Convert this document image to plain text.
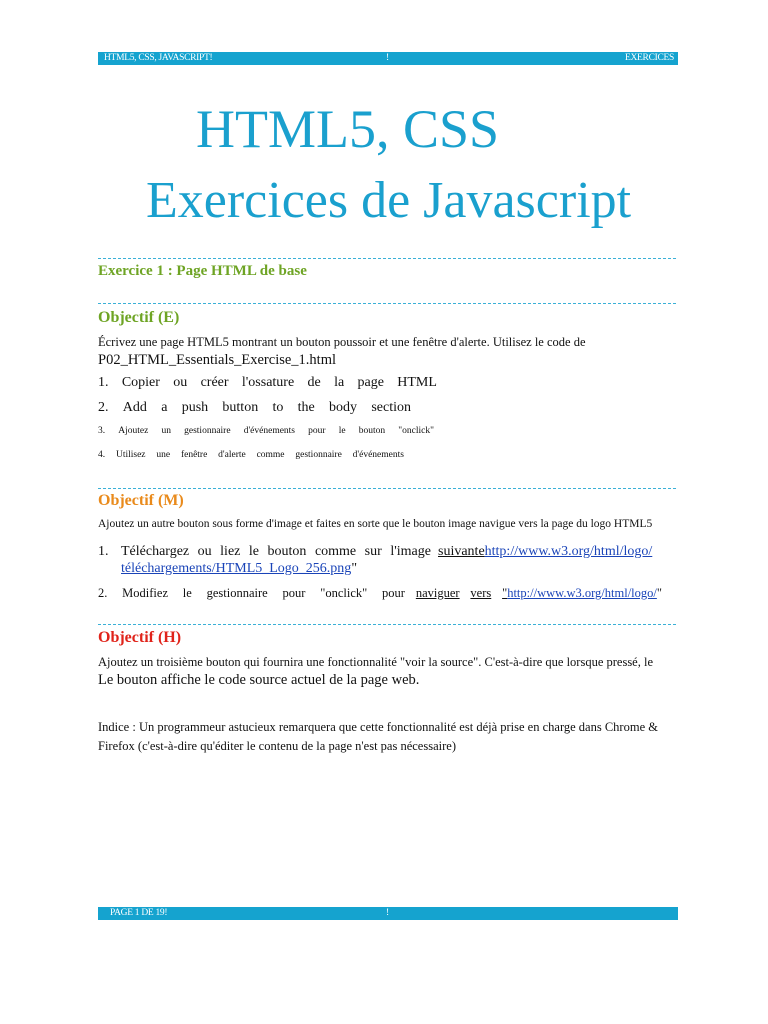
HTML5, CSS, JAVASCRIPT!	!	EXERCICES
HTML5, CSS
Exercices de Javascript
Exercice 1 : Page HTML de base
Objectif (E)
Écrivez une page HTML5 montrant un bouton poussoir et une fenêtre d'alerte. Utilisez le code de
P02_HTML_Essentials_Exercise_1.html
1. Copier ou créer l'ossature de la page HTML
2. Add a push button to the body section
3. Ajoutez un gestionnaire d'événements pour le bouton "onclick"
4. Utilisez une fenêtre d'alerte comme gestionnaire d'événements
Objectif (M)
Ajoutez un autre bouton sous forme d'image et faites en sorte que le bouton image navigue vers la page du logo HTML5
1. Téléchargez ou liez le bouton comme sur l'image suivante http://www.w3.org/html/logo/
téléchargements/HTML5_Logo_256.png"
2. Modifiez le gestionnaire pour "onclick" pour naviguer vers "http://www.w3.org/html/logo/"
Objectif (H)
Ajoutez un troisième bouton qui fournira une fonctionnalité "voir la source". C'est-à-dire que lorsque pressé, le
Le bouton affiche le code source actuel de la page web.
Indice : Un programmeur astucieux remarquera que cette fonctionnalité est déjà prise en charge dans Chrome &
Firefox (c'est-à-dire qu'éditer le contenu de la page n'est pas nécessaire)
PAGE 1 DE 19!	!
